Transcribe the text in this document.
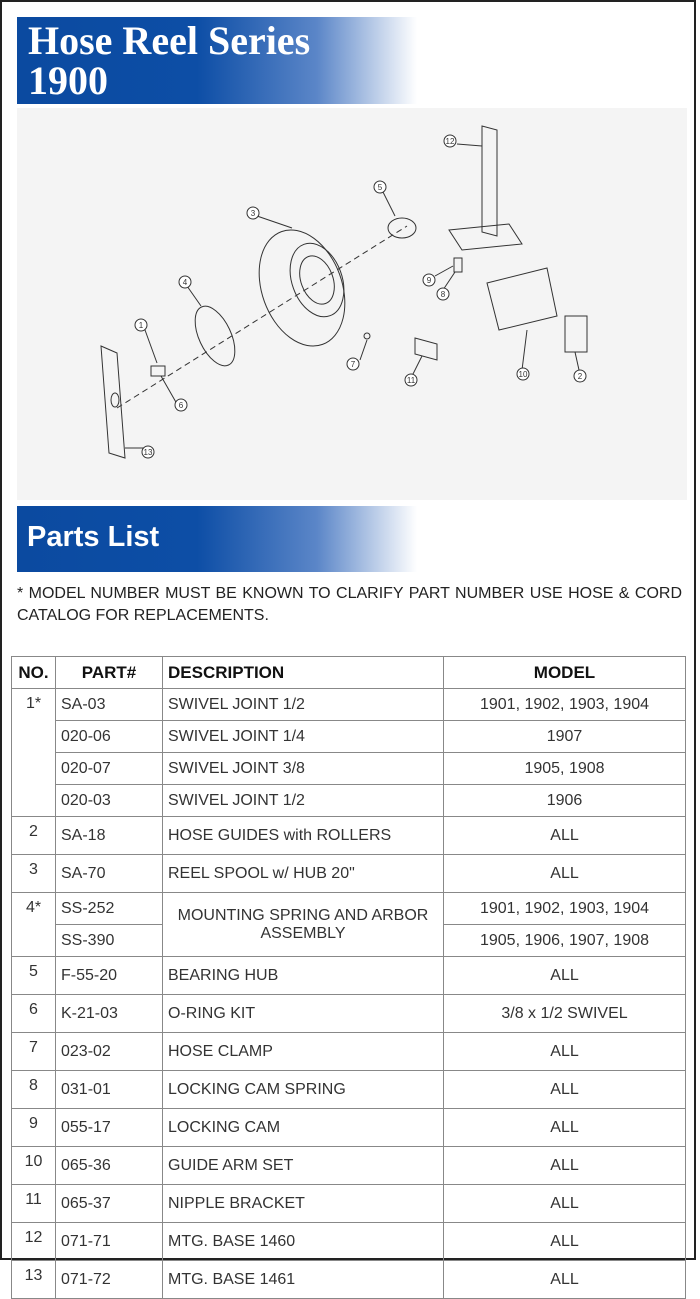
Hose Reel Series
1900
1
2
3
4
5
6
7
8
9
10
11
12
13
Parts List
* MODEL NUMBER MUST BE KNOWN TO CLARIFY PART NUMBER USE HOSE & CORD CATALOG FOR REPLACEMENTS.
NO.	PART#	DESCRIPTION	MODEL
1*	SA-03	SWIVEL JOINT 1/2	1901, 1902, 1903, 1904
	020-06	SWIVEL JOINT 1/4	1907
	020-07	SWIVEL JOINT 3/8	1905, 1908
	020-03	SWIVEL JOINT 1/2	1906
2	SA-18	HOSE GUIDES with ROLLERS	ALL
3	SA-70	REEL SPOOL w/ HUB 20"	ALL
4*	SS-252	MOUNTING SPRING AND ARBOR ASSEMBLY	1901, 1902, 1903, 1904
	SS-390		1905, 1906, 1907, 1908
5	F-55-20	BEARING HUB	ALL
6	K-21-03	O-RING KIT	3/8 x 1/2 SWIVEL
7	023-02	HOSE CLAMP	ALL
8	031-01	LOCKING CAM SPRING	ALL
9	055-17	LOCKING CAM	ALL
10	065-36	GUIDE ARM SET	ALL
11	065-37	NIPPLE BRACKET	ALL
12	071-71	MTG. BASE 1460	ALL
13	071-72	MTG. BASE 1461	ALL
